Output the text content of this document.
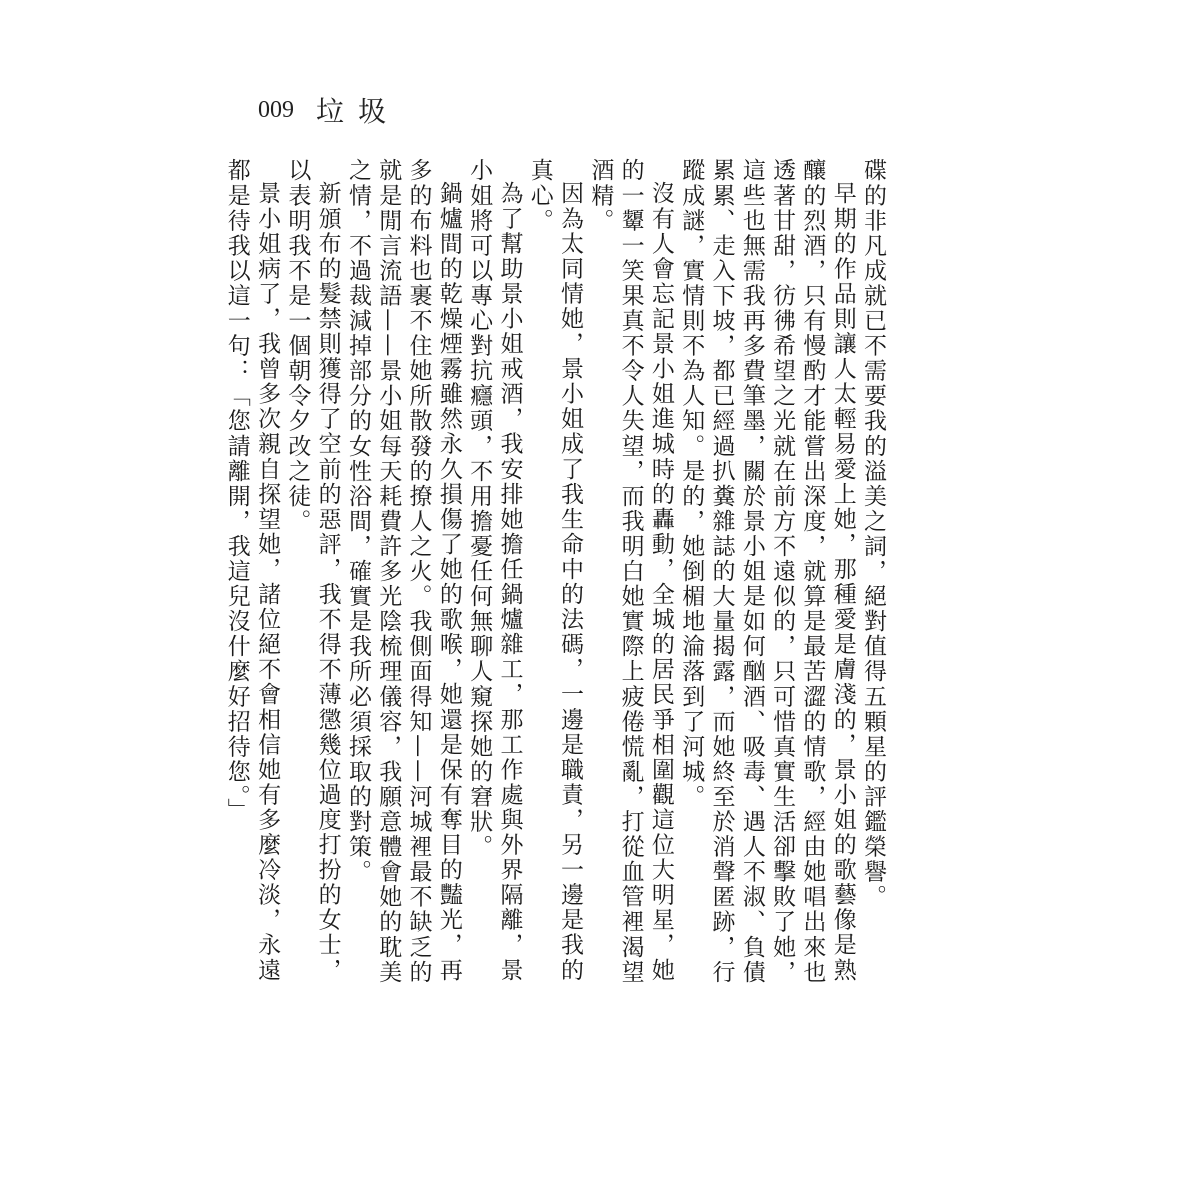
009 垃圾

碟的非凡成就已不需要我的溢美之詞，絕對值得五顆星的評鑑榮譽。

早期的作品則讓人太輕易愛上她，那種愛是膚淺的，景小姐的歌藝像是熟釀的烈酒，只有慢酌才能嘗出深度，就算是最苦澀的情歌，經由她唱出來也透著甘甜，彷彿希望之光就在前方不遠似的，只可惜真實生活卻擊敗了她，這些也無需我再多費筆墨，關於景小姐是如何酗酒、吸毒、遇人不淑、負債累累、走入下坡，都已經過扒糞雜誌的大量揭露，而她終至於消聲匿跡，行蹤成謎，實情則不為人知。是的，她倒楣地淪落到了河城。

沒有人會忘記景小姐進城時的轟動，全城的居民爭相圍觀這位大明星，她的一顰一笑果真不令人失望，而我明白她實際上疲倦慌亂，打從血管裡渴望酒精。

因為太同情她，景小姐成了我生命中的法碼，一邊是職責，另一邊是我的真心。

為了幫助景小姐戒酒，我安排她擔任鍋爐雜工，那工作處與外界隔離，景小姐將可以專心對抗癮頭，不用擔憂任何無聊人窺探她的窘狀。

鍋爐間的乾燥煙霧雖然永久損傷了她的歌喉，她還是保有奪目的豔光，再多的布料也裹不住她所散發的撩人之火。我側面得知——河城裡最不缺乏的就是閒言流語——景小姐每天耗費許多光陰梳理儀容，我願意體會她的耽美之情，不過裁減掉部分的女性浴間，確實是我所必須採取的對策。

新頒布的髮禁則獲得了空前的惡評，我不得不薄懲幾位過度打扮的女士，以表明我不是一個朝令夕改之徒。

景小姐病了，我曾多次親自探望她，諸位絕不會相信她有多麼冷淡，永遠都是待我以這一句：「您請離開，我這兒沒什麼好招待您。」
